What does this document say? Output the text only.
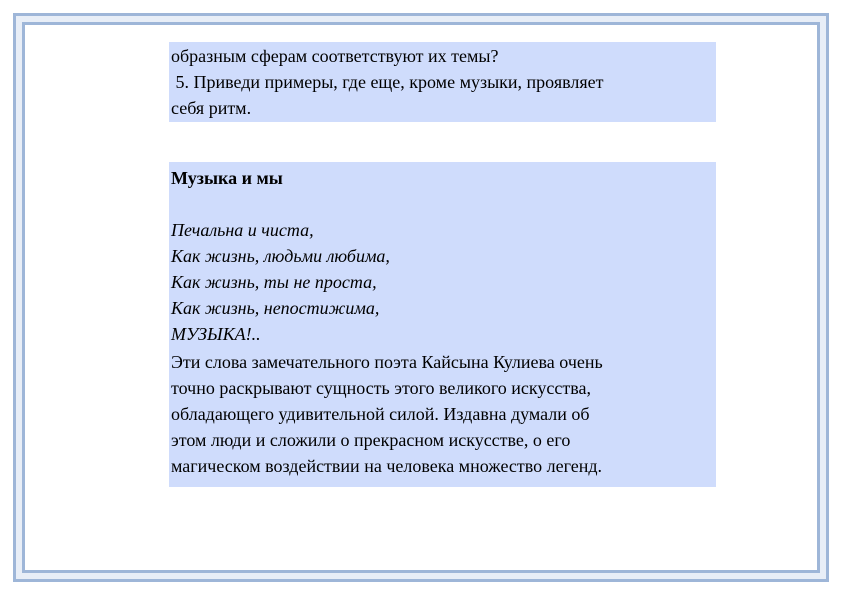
образным сферам соответствуют их темы?
5. Приведи примеры, где еще, кроме музыки, проявляет
себя ритм.
Музыка и мы
Печальна и чиста,
Как жизнь, людьми любима,
Как жизнь, ты не проста,
Как жизнь, непостижима,
МУЗЫКА!..
Эти слова замечательного поэта Кайсына Кулиева очень
точно раскрывают сущность этого великого искусства,
обладающего удивительной силой. Издавна думали об
этом люди и сложили о прекрасном искусстве, о его
магическом воздействии на человека множество легенд.
